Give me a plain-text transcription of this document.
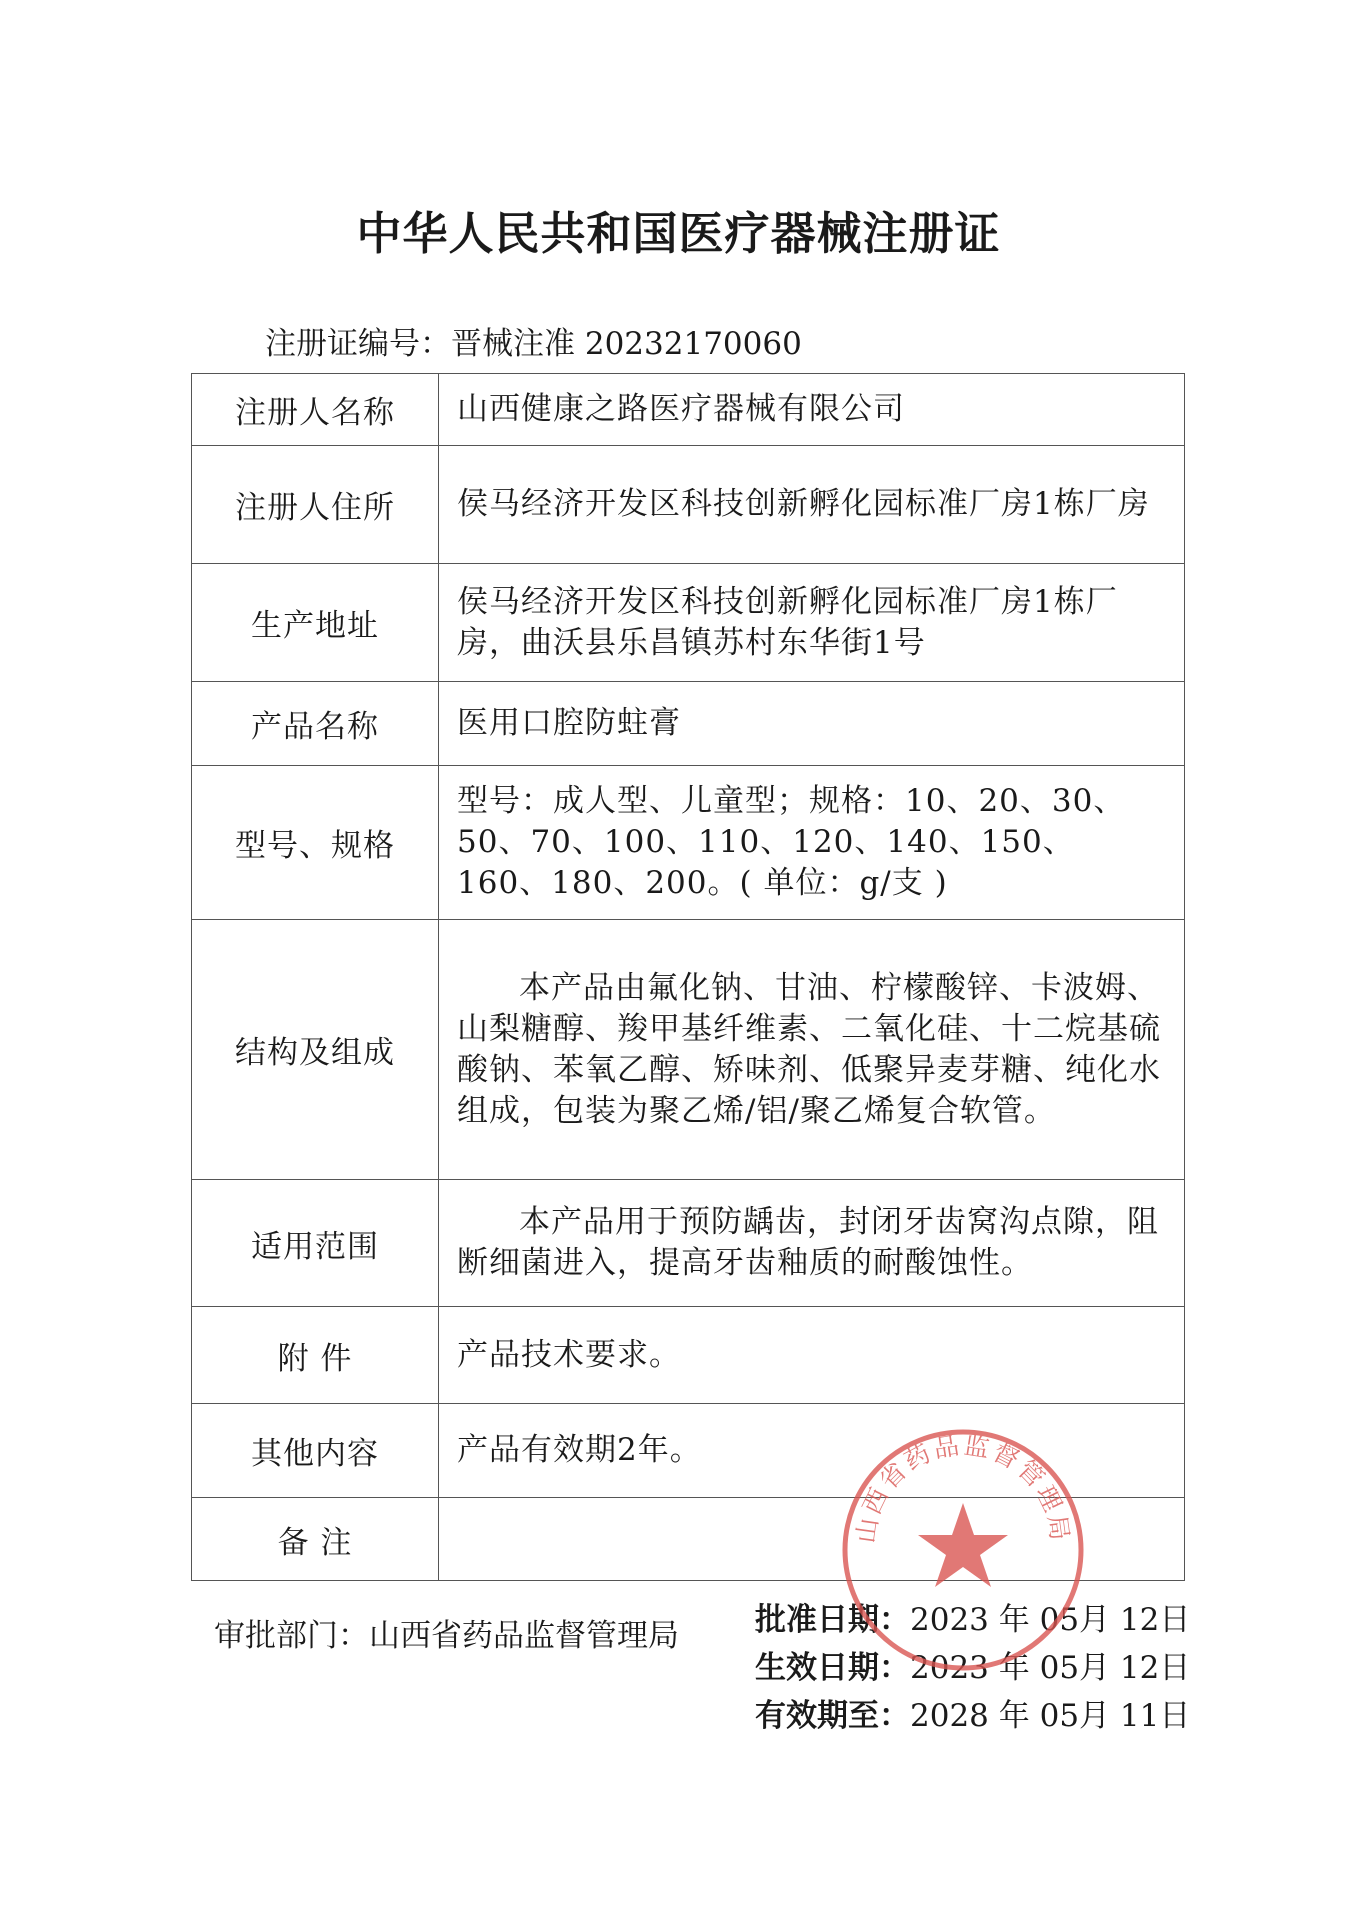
中华人民共和国医疗器械注册证
注册证编号：晋械注准 20232170060
注册人名称	山西健康之路医疗器械有限公司
注册人住所	侯马经济开发区科技创新孵化园标准厂房1栋厂房
生产地址	侯马经济开发区科技创新孵化园标准厂房1栋厂房，曲沃县乐昌镇苏村东华街1号
产品名称	医用口腔防蛀膏
型号、规格	型号：成人型、儿童型；规格：10、20、30、50、70、100、110、120、140、150、160、180、200。( 单位：g/支 )
结构及组成	本产品由氟化钠、甘油、柠檬酸锌、卡波姆、山梨糖醇、羧甲基纤维素、二氧化硅、十二烷基硫酸钠、苯氧乙醇、矫味剂、低聚异麦芽糖、纯化水组成，包装为聚乙烯/铝/聚乙烯复合软管。
适用范围	本产品用于预防龋齿，封闭牙齿窝沟点隙，阻断细菌进入，提高牙齿釉质的耐酸蚀性。
附 件	产品技术要求。
其他内容	产品有效期2年。
备 注	
审批部门：山西省药品监督管理局 批准日期：2023 年 05月 12日
生效日期：2023 年 05月 12日
有效期至：2028 年 05月 11日
山西省药品监督管理局
